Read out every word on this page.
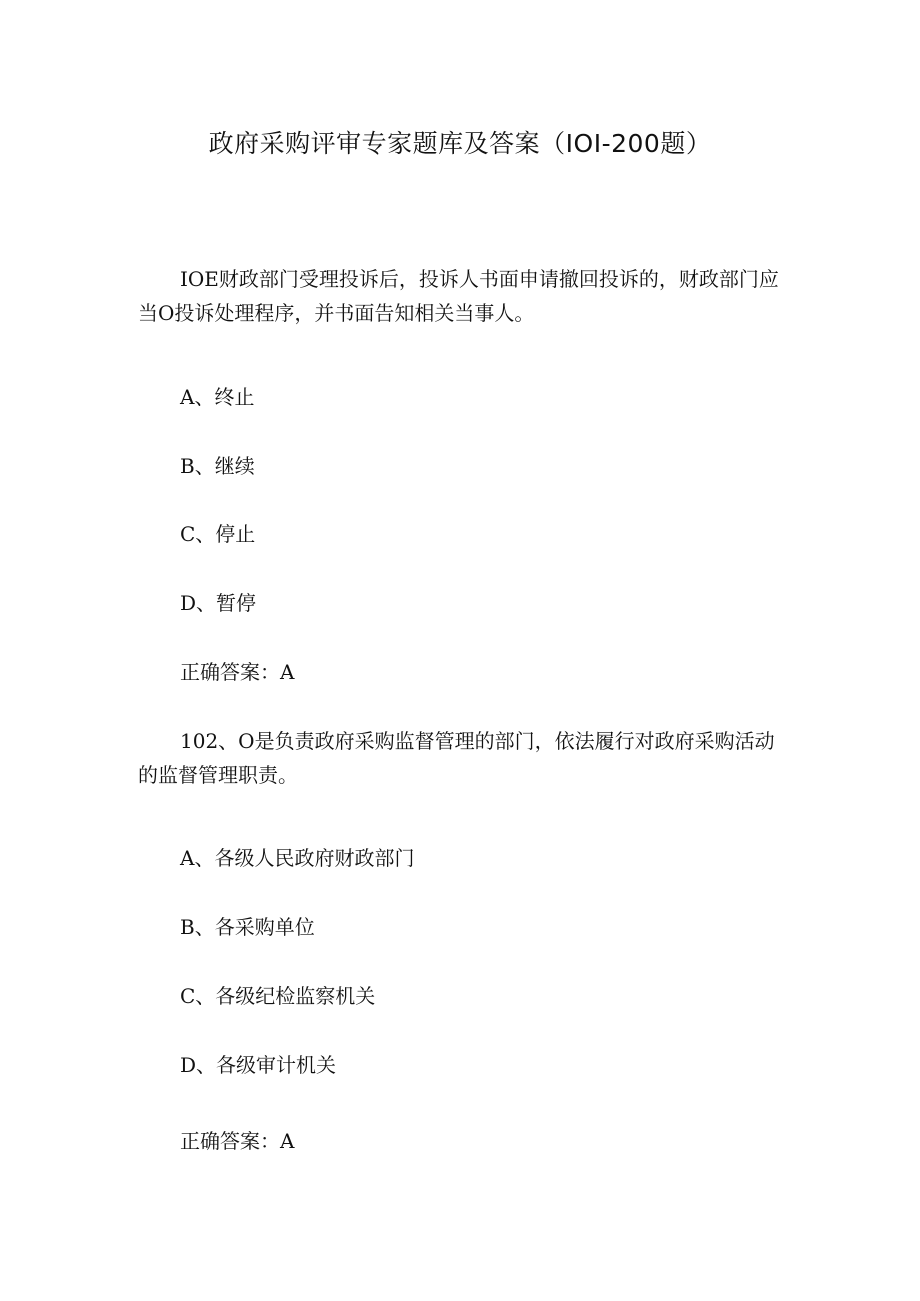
政府采购评审专家题库及答案（IOI-200题）

IOE财政部门受理投诉后，投诉人书面申请撤回投诉的，财政部门应当O投诉处理程序，并书面告知相关当事人。

A、终止
B、继续
C、停止
D、暂停
正确答案：A

102、O是负责政府采购监督管理的部门，依法履行对政府采购活动的监督管理职责。

A、各级人民政府财政部门
B、各采购单位
C、各级纪检监察机关
D、各级审计机关
正确答案：A
